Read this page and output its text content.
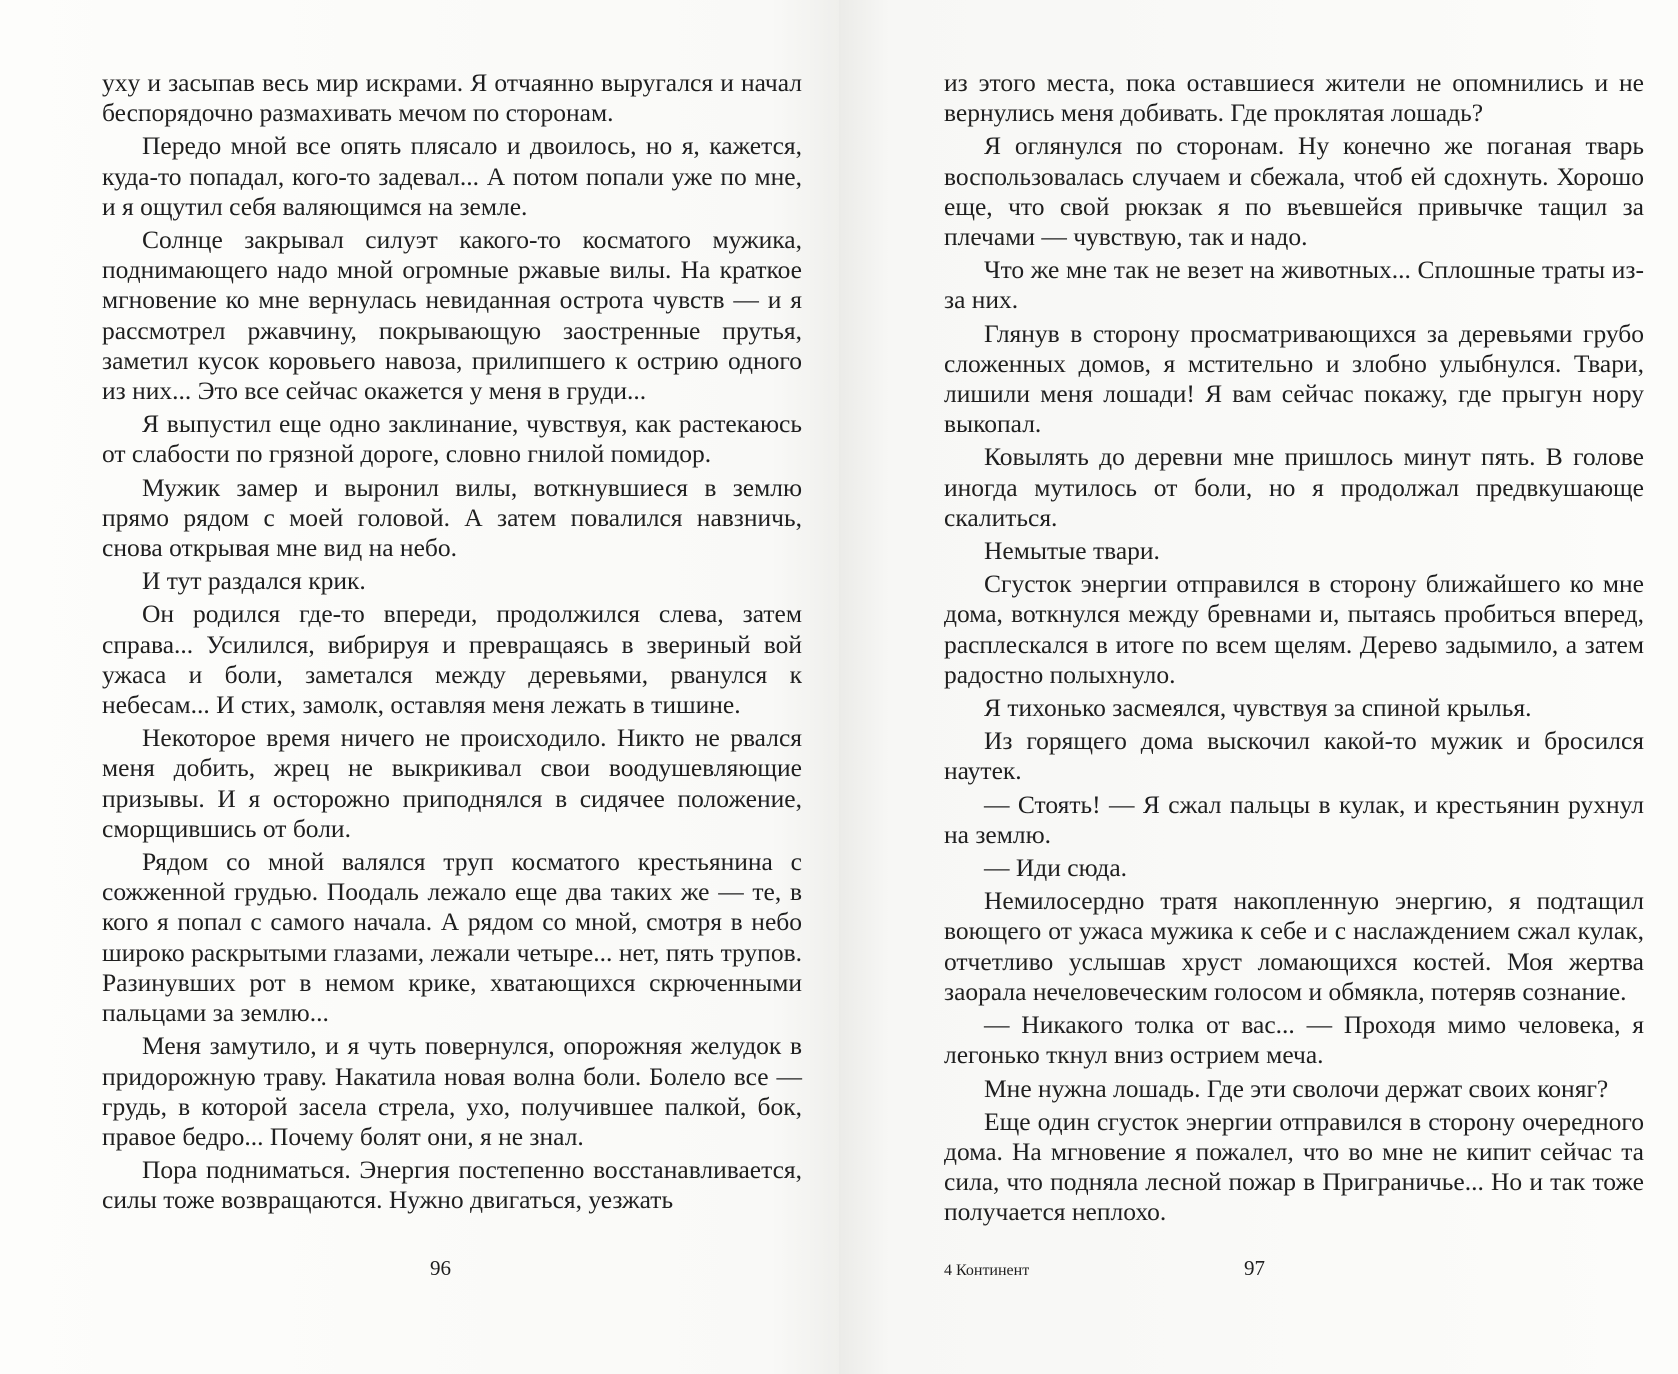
ухy и засыпав весь мир искрами. Я отчаянно выругался и начал беспорядочно размахивать мечом по сторонам.

Передо мной все опять плясало и двоилось, но я, кажется, куда-то попадал, кого-то задевал... А потом попали уже по мне, и я ощутил себя валяющимся на земле.

Солнце закрывал силуэт какого-то косматого мужика, поднимающего надо мной огромные ржавые вилы. На краткое мгновение ко мне вернулась невиданная острота чувств — и я рассмотрел ржавчину, покрывающую заостренные прутья, заметил кусок коровьего навоза, прилипшего к острию одного из них... Это все сейчас окажется у меня в груди...

Я выпустил еще одно заклинание, чувствуя, как растекаюсь от слабости по грязной дороге, словно гнилой помидор.

Мужик замер и выронил вилы, воткнувшиеся в землю прямо рядом с моей головой. А затем повалился навзничь, снова открывая мне вид на небо.

И тут раздался крик.

Он родился где-то впереди, продолжился слева, затем справа... Усилился, вибрируя и превращаясь в звериный вой ужаса и боли, заметался между деревьями, рванулся к небесам... И стих, замолк, оставляя меня лежать в тишине.

Некоторое время ничего не происходило. Никто не рвался меня добить, жрец не выкрикивал свои воодушевляющие призывы. И я осторожно приподнялся в сидячее положение, сморщившись от боли.

Рядом со мной валялся труп косматого крестьянина с сожженной грудью. Поодаль лежало еще два таких же — те, в кого я попал с самого начала. А рядом со мной, смотря в небо широко раскрытыми глазами, лежали четыре... нет, пять трупов. Разинувших рот в немом крике, хватающихся скрюченными пальцами за землю...

Меня замутило, и я чуть повернулся, опорожняя желудок в придорожную траву. Накатила новая волна боли. Болело все — грудь, в которой засела стрела, ухо, получившее палкой, бок, правое бедро... Почему болят они, я не знал.

Пора подниматься. Энергия постепенно восстанавливается, силы тоже возвращаются. Нужно двигаться, уезжать

96

из этого места, пока оставшиеся жители не опомнились и не вернулись меня добивать. Где проклятая лошадь?

Я оглянулся по сторонам. Ну конечно же поганая тварь воспользовалась случаем и сбежала, чтоб ей сдохнуть. Хорошо еще, что свой рюкзак я по въевшейся привычке тащил за плечами — чувствую, так и надо.

Что же мне так не везет на животных... Сплошные траты из-за них.

Глянув в сторону просматривающихся за деревьями грубо сложенных домов, я мстительно и злобно улыбнулся. Твари, лишили меня лошади! Я вам сейчас покажу, где прыгун нору выкопал.

Ковылять до деревни мне пришлось минут пять. В голове иногда мутилось от боли, но я продолжал предвкушающе скалиться.

Немытые твари.

Сгусток энергии отправился в сторону ближайшего ко мне дома, воткнулся между бревнами и, пытаясь пробиться вперед, расплескался в итоге по всем щелям. Дерево задымило, а затем радостно полыхнуло.

Я тихонько засмеялся, чувствуя за спиной крылья.

Из горящего дома выскочил какой-то мужик и бросился наутек.

— Стоять! — Я сжал пальцы в кулак, и крестьянин рухнул на землю.

— Иди сюда.

Немилосердно тратя накопленную энергию, я подтащил воющего от ужаса мужика к себе и с наслаждением сжал кулак, отчетливо услышав хруст ломающихся костей. Моя жертва заорала нечеловеческим голосом и обмякла, потеряв сознание.

— Никакого толка от вас... — Проходя мимо человека, я легонько ткнул вниз острием меча.

Мне нужна лошадь. Где эти сволочи держат своих коняг?

Еще один сгусток энергии отправился в сторону очередного дома. На мгновение я пожалел, что во мне не кипит сейчас та сила, что подняла лесной пожар в Приграничье... Но и так тоже получается неплохо.

4 Континент	97
